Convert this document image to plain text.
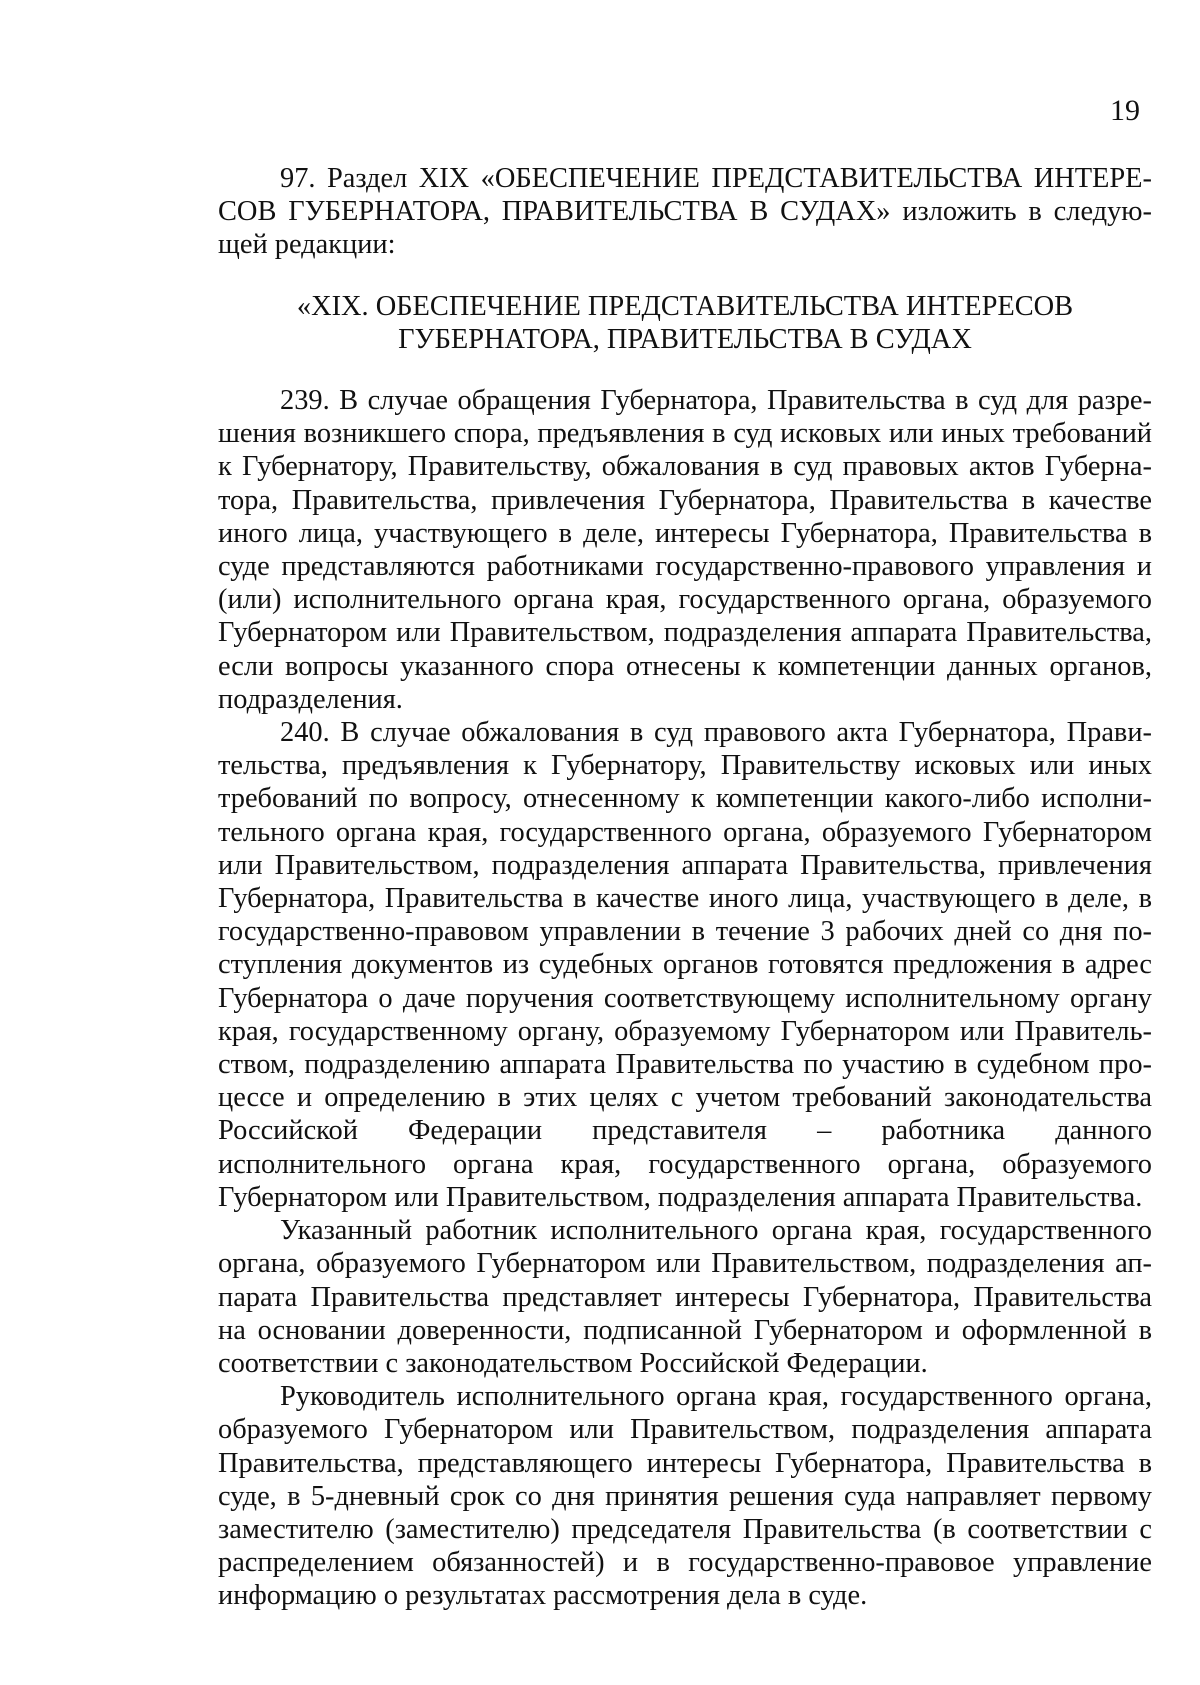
19

97. Раздел XIX «ОБЕСПЕЧЕНИЕ ПРЕДСТАВИТЕЛЬСТВА ИНТЕРЕСОВ ГУБЕРНАТОРА, ПРАВИТЕЛЬСТВА В СУДАХ» изложить в следующей редакции:

«XIX. ОБЕСПЕЧЕНИЕ ПРЕДСТАВИТЕЛЬСТВА ИНТЕРЕСОВ
ГУБЕРНАТОРА, ПРАВИТЕЛЬСТВА В СУДАХ

239. В случае обращения Губернатора, Правительства в суд для разрешения возникшего спора, предъявления в суд исковых или иных требований к Губернатору, Правительству, обжалования в суд правовых актов Губернатора, Правительства, привлечения Губернатора, Правительства в качестве иного лица, участвующего в деле, интересы Губернатора, Правительства в суде представляются работниками государственно-правового управления и (или) исполнительного органа края, государственного органа, образуемого Губернатором или Правительством, подразделения аппарата Правительства, если вопросы указанного спора отнесены к компетенции данных органов, подразделения.

240. В случае обжалования в суд правового акта Губернатора, Правительства, предъявления к Губернатору, Правительству исковых или иных требований по вопросу, отнесенному к компетенции какого-либо исполнительного органа края, государственного органа, образуемого Губернатором или Правительством, подразделения аппарата Правительства, привлечения Губернатора, Правительства в качестве иного лица, участвующего в деле, в государственно-правовом управлении в течение 3 рабочих дней со дня поступления документов из судебных органов готовятся предложения в адрес Губернатора о даче поручения соответствующему исполнительному органу края, государственному органу, образуемому Губернатором или Правительством, подразделению аппарата Правительства по участию в судебном процессе и определению в этих целях с учетом требований законодательства Российской Федерации представителя – работника данного исполнительного органа края, государственного органа, образуемого Губернатором или Правительством, подразделения аппарата Правительства.

Указанный работник исполнительного органа края, государственного органа, образуемого Губернатором или Правительством, подразделения аппарата Правительства представляет интересы Губернатора, Правительства на основании доверенности, подписанной Губернатором и оформленной в соответствии с законодательством Российской Федерации.

Руководитель исполнительного органа края, государственного органа, образуемого Губернатором или Правительством, подразделения аппарата Правительства, представляющего интересы Губернатора, Правительства в суде, в 5-дневный срок со дня принятия решения суда направляет первому заместителю (заместителю) председателя Правительства (в соответствии с распределением обязанностей) и в государственно-правовое управление информацию о результатах рассмотрения дела в суде.
